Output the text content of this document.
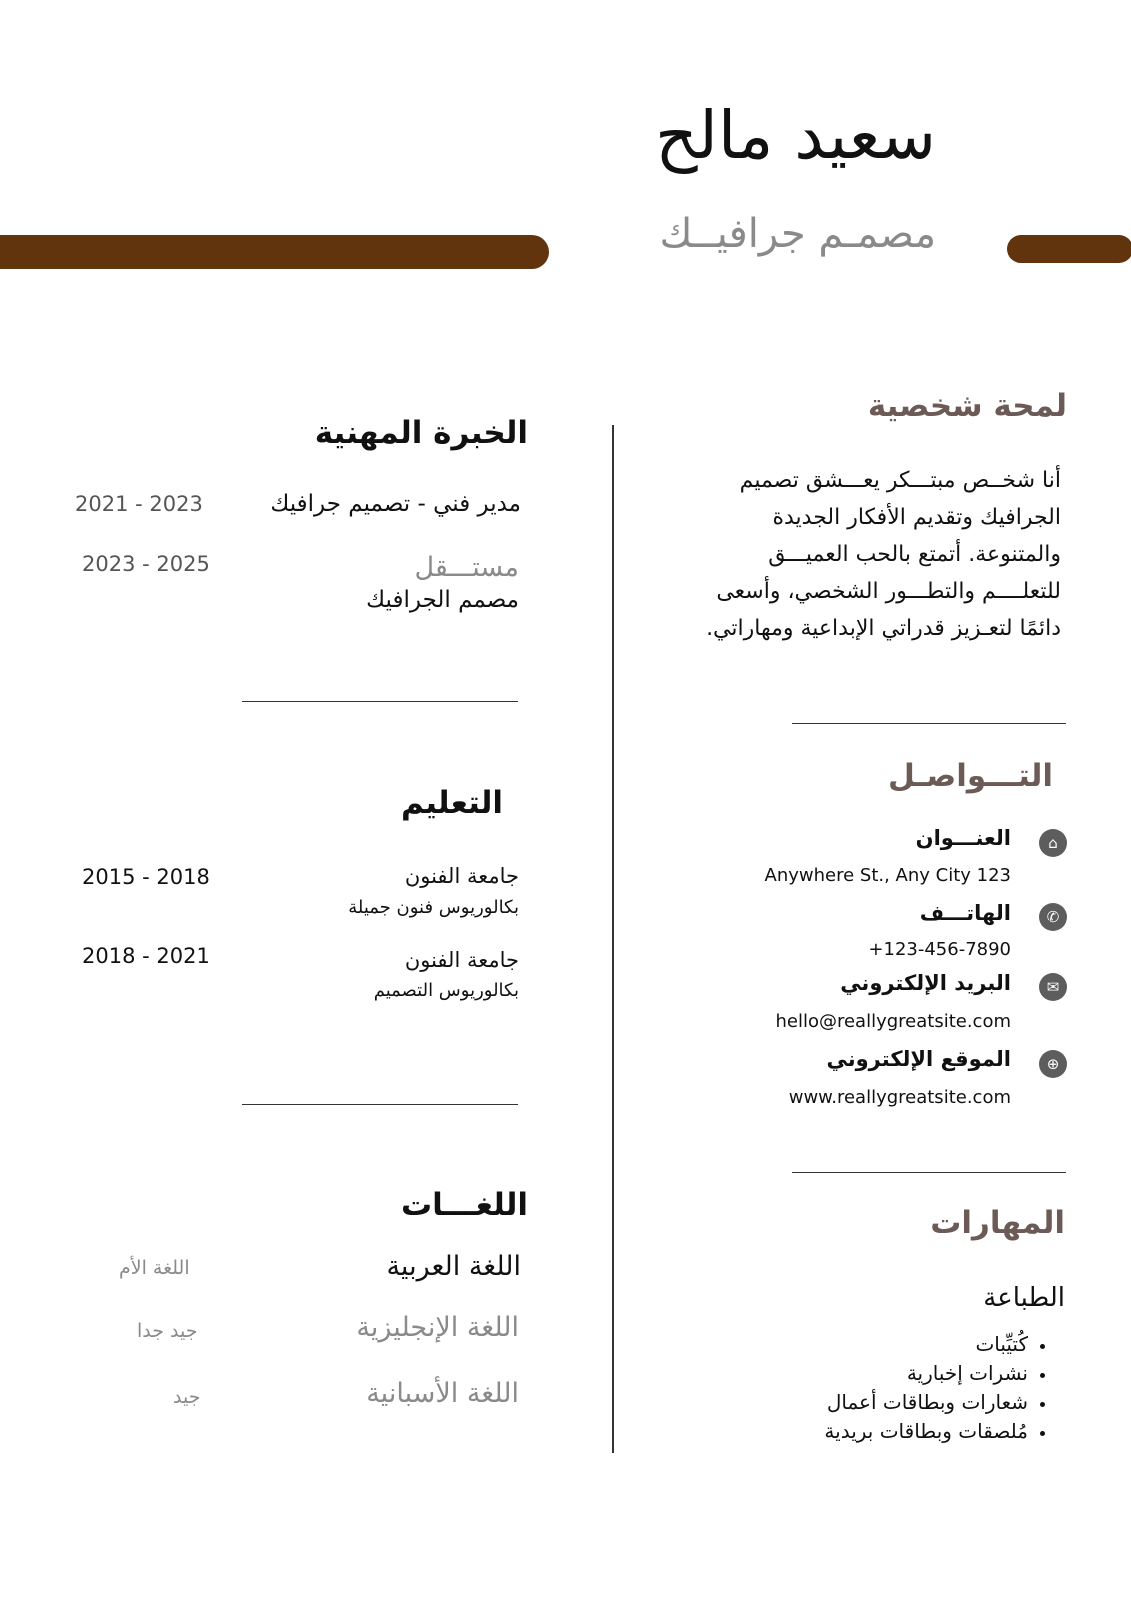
سعيد مالح
مصمـم جرافيــك
لمحة شخصية
أنا شخــص مبتـــكر يعـــشق تصميم الجرافيك وتقديم الأفكار الجديدة والمتنوعة. أتمتع بالحب العميـــق للتعلــــم والتطـــور الشخصي، وأسعى دائمًا لتعـزيز قدراتي الإبداعية ومهاراتي.
التـــواصـل
⌂
العنـــوان
Anywhere St., Any City 123
✆
الهاتـــف
+123-456-7890
✉
البريد الإلكتروني
hello@reallygreatsite.com
⊕
الموقع الإلكتروني
www.reallygreatsite.com
المهارات
الطباعة
• كُتيِّبات
• نشرات إخبارية
• شعارات وبطاقات أعمال
• مُلصقات وبطاقات بريدية
الخبرة المهنية
مدير فني - تصميم جرافيك
2021 - 2023
مستـــقل
مصمم الجرافيك
2023 - 2025
التعليم
جامعة الفنون
بكالوريوس فنون جميلة
2015 - 2018
جامعة الفنون
بكالوريوس التصميم
2018 - 2021
اللغـــات
اللغة العربية
اللغة الأم
اللغة الإنجليزية
جيد جدا
اللغة الأسبانية
جيد
